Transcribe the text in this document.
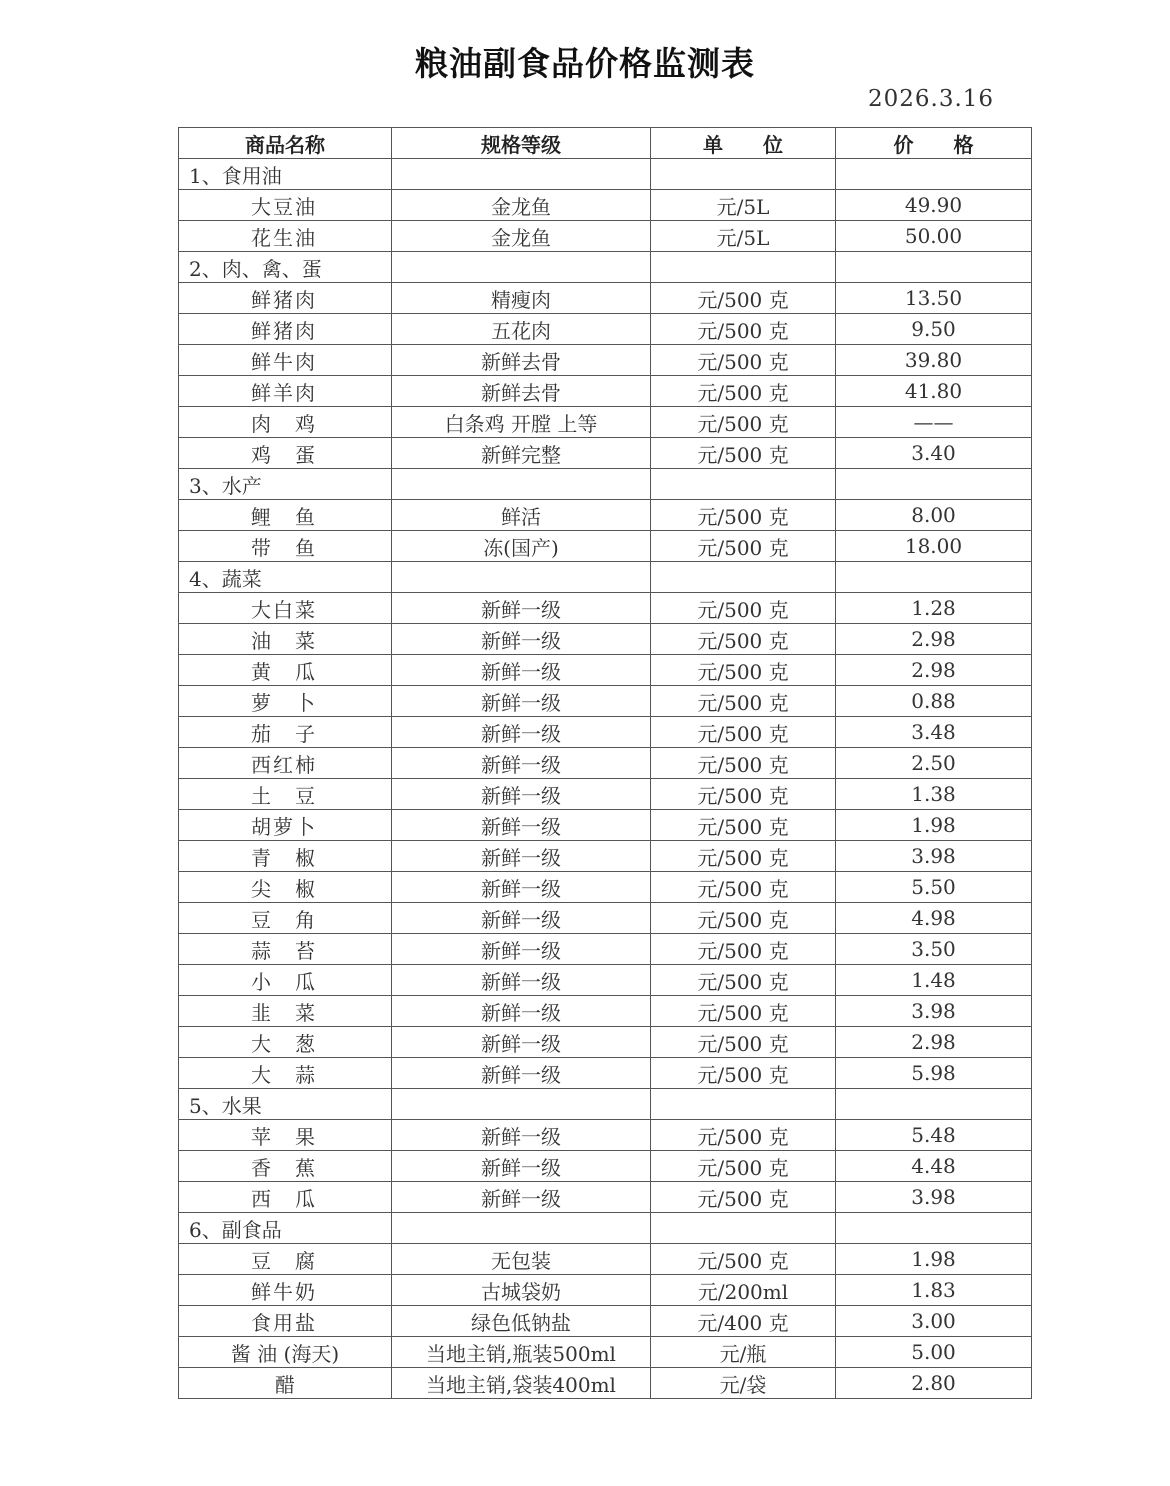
粮油副食品价格监测表
2026.3.16
商品名称	规格等级	单　　位	价　　格
1、食用油			
大豆油	金龙鱼	元/5L	49.90
花生油	金龙鱼	元/5L	50.00
2、肉、禽、蛋			
鲜猪肉	精瘦肉	元/500 克	13.50
鲜猪肉	五花肉	元/500 克	9.50
鲜牛肉	新鲜去骨	元/500 克	39.80
鲜羊肉	新鲜去骨	元/500 克	41.80
肉　鸡	白条鸡 开膛 上等	元/500 克	——
鸡　蛋	新鲜完整	元/500 克	3.40
3、水产			
鲤　鱼	鲜活	元/500 克	8.00
带　鱼	冻(国产)	元/500 克	18.00
4、蔬菜			
大白菜	新鲜一级	元/500 克	1.28
油　菜	新鲜一级	元/500 克	2.98
黄　瓜	新鲜一级	元/500 克	2.98
萝　卜	新鲜一级	元/500 克	0.88
茄　子	新鲜一级	元/500 克	3.48
西红柿	新鲜一级	元/500 克	2.50
土　豆	新鲜一级	元/500 克	1.38
胡萝卜	新鲜一级	元/500 克	1.98
青　椒	新鲜一级	元/500 克	3.98
尖　椒	新鲜一级	元/500 克	5.50
豆　角	新鲜一级	元/500 克	4.98
蒜　苔	新鲜一级	元/500 克	3.50
小　瓜	新鲜一级	元/500 克	1.48
韭　菜	新鲜一级	元/500 克	3.98
大　葱	新鲜一级	元/500 克	2.98
大　蒜	新鲜一级	元/500 克	5.98
5、水果			
苹　果	新鲜一级	元/500 克	5.48
香　蕉	新鲜一级	元/500 克	4.48
西　瓜	新鲜一级	元/500 克	3.98
6、副食品			
豆　腐	无包装	元/500 克	1.98
鲜牛奶	古城袋奶	元/200ml	1.83
食用盐	绿色低钠盐	元/400 克	3.00
酱 油 (海天)	当地主销,瓶装500ml	元/瓶	5.00
醋	当地主销,袋装400ml	元/袋	2.80
